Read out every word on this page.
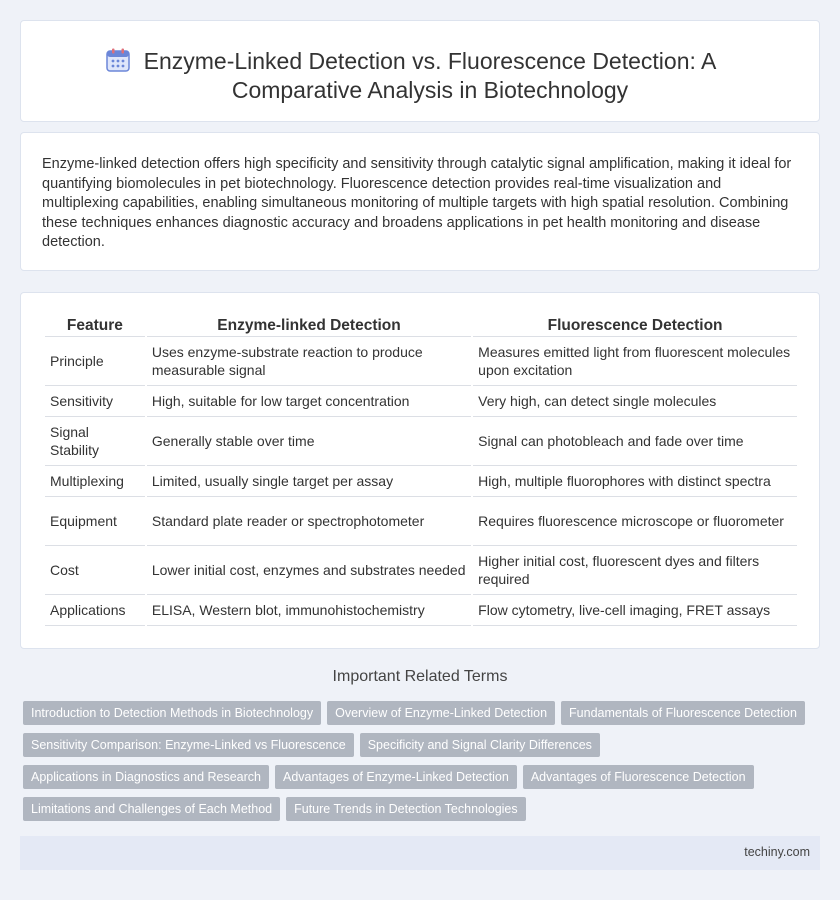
Enzyme-Linked Detection vs. Fluorescence Detection: A Comparative Analysis in Biotechnology

Enzyme-linked detection offers high specificity and sensitivity through catalytic signal amplification, making it ideal for quantifying biomolecules in pet biotechnology. Fluorescence detection provides real-time visualization and multiplexing capabilities, enabling simultaneous monitoring of multiple targets with high spatial resolution. Combining these techniques enhances diagnostic accuracy and broadens applications in pet health monitoring and disease detection.

Feature	Enzyme-linked Detection	Fluorescence Detection
Principle	Uses enzyme-substrate reaction to produce measurable signal	Measures emitted light from fluorescent molecules upon excitation
Sensitivity	High, suitable for low target concentration	Very high, can detect single molecules
Signal Stability	Generally stable over time	Signal can photobleach and fade over time
Multiplexing	Limited, usually single target per assay	High, multiple fluorophores with distinct spectra
Equipment	Standard plate reader or spectrophotometer	Requires fluorescence microscope or fluorometer
Cost	Lower initial cost, enzymes and substrates needed	Higher initial cost, fluorescent dyes and filters required
Applications	ELISA, Western blot, immunohistochemistry	Flow cytometry, live-cell imaging, FRET assays
Important Related Terms
Introduction to Detection Methods in Biotechnology	Overview of Enzyme-Linked Detection	Fundamentals of Fluorescence Detection
Sensitivity Comparison: Enzyme-Linked vs Fluorescence	Specificity and Signal Clarity Differences
Applications in Diagnostics and Research	Advantages of Enzyme-Linked Detection	Advantages of Fluorescence Detection
Limitations and Challenges of Each Method	Future Trends in Detection Technologies
techiny.com
